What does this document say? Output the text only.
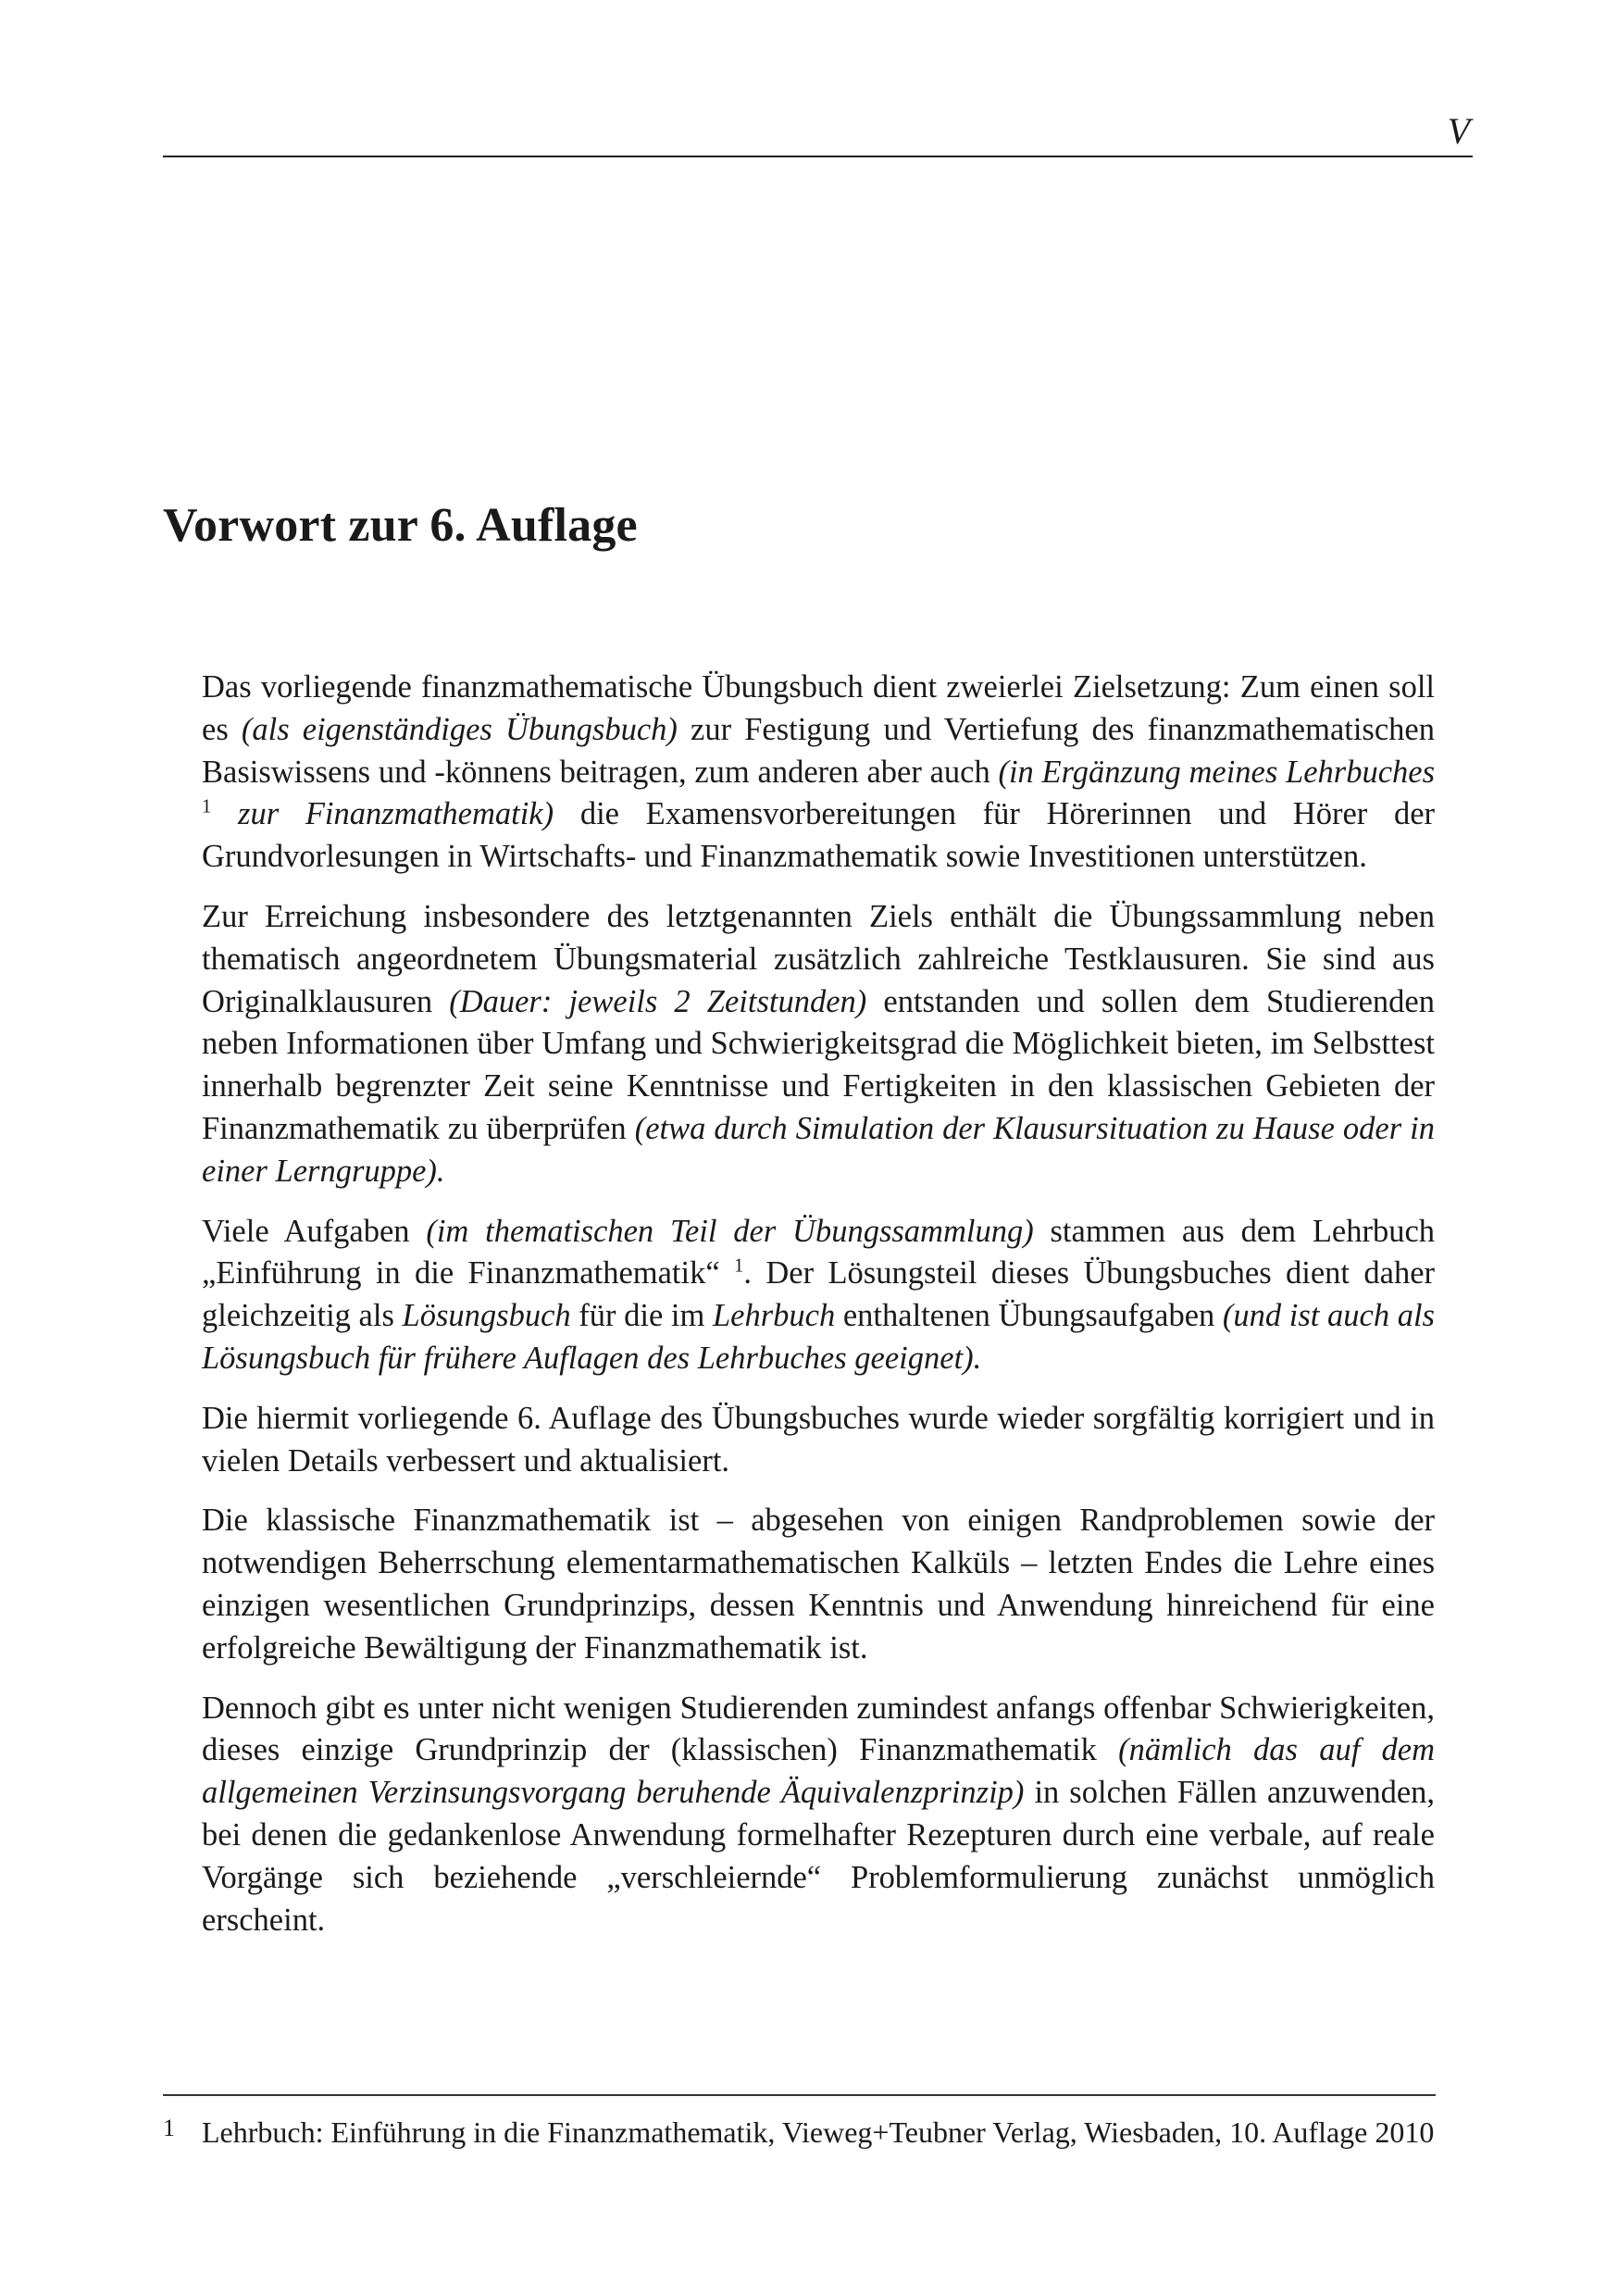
V
Vorwort zur 6. Auflage

Das vorliegende finanzmathematische Übungsbuch dient zweierlei Zielsetzung: Zum einen soll es (als eigenständiges Übungsbuch) zur Festigung und Vertiefung des finanzmathematischen Basiswissens und -könnens beitragen, zum anderen aber auch (in Ergänzung meines Lehrbuches $^1$ zur Finanzmathematik) die Examensvorbereitungen für Hörerinnen und Hörer der Grundvorlesungen in Wirtschafts- und Finanzmathematik sowie Investitionen unterstützen.

Zur Erreichung insbesondere des letztgenannten Ziels enthält die Übungssammlung neben thematisch angeordnetem Übungsmaterial zusätzlich zahlreiche Testklausuren. Sie sind aus Originalklausuren (Dauer: jeweils 2 Zeitstunden) entstanden und sollen dem Studierenden neben Informationen über Umfang und Schwierigkeitsgrad die Möglichkeit bieten, im Selbsttest innerhalb begrenzter Zeit seine Kenntnisse und Fertigkeiten in den klassischen Gebieten der Finanzmathematik zu überprüfen (etwa durch Simulation der Klausursituation zu Hause oder in einer Lerngruppe).

Viele Aufgaben (im thematischen Teil der Übungssammlung) stammen aus dem Lehrbuch „Einführung in die Finanzmathematik“ $^1$. Der Lösungsteil dieses Übungsbuches dient daher gleichzeitig als Lösungsbuch für die im Lehrbuch enthaltenen Übungsaufgaben (und ist auch als Lösungsbuch für frühere Auflagen des Lehrbuches geeignet).

Die hiermit vorliegende 6. Auflage des Übungsbuches wurde wieder sorgfältig korrigiert und in vielen Details verbessert und aktualisiert.

Die klassische Finanzmathematik ist – abgesehen von einigen Randproblemen sowie der notwendigen Beherrschung elementarmathematischen Kalküls – letzten Endes die Lehre eines einzigen wesentlichen Grundprinzips, dessen Kenntnis und Anwendung hinreichend für eine erfolgreiche Bewältigung der Finanzmathematik ist.

Dennoch gibt es unter nicht wenigen Studierenden zumindest anfangs offenbar Schwierigkeiten, dieses einzige Grundprinzip der (klassischen) Finanzmathematik (nämlich das auf dem allgemeinen Verzinsungsvorgang beruhende Äquivalenzprinzip) in solchen Fällen anzuwenden, bei denen die gedankenlose Anwendung formelhafter Rezepturen durch eine verbale, auf reale Vorgänge sich beziehende „verschleiernde“ Problemformulierung zunächst unmöglich erscheint.

1 Lehrbuch: Einführung in die Finanzmathematik, Vieweg+Teubner Verlag, Wiesbaden, 10. Auflage 2010
